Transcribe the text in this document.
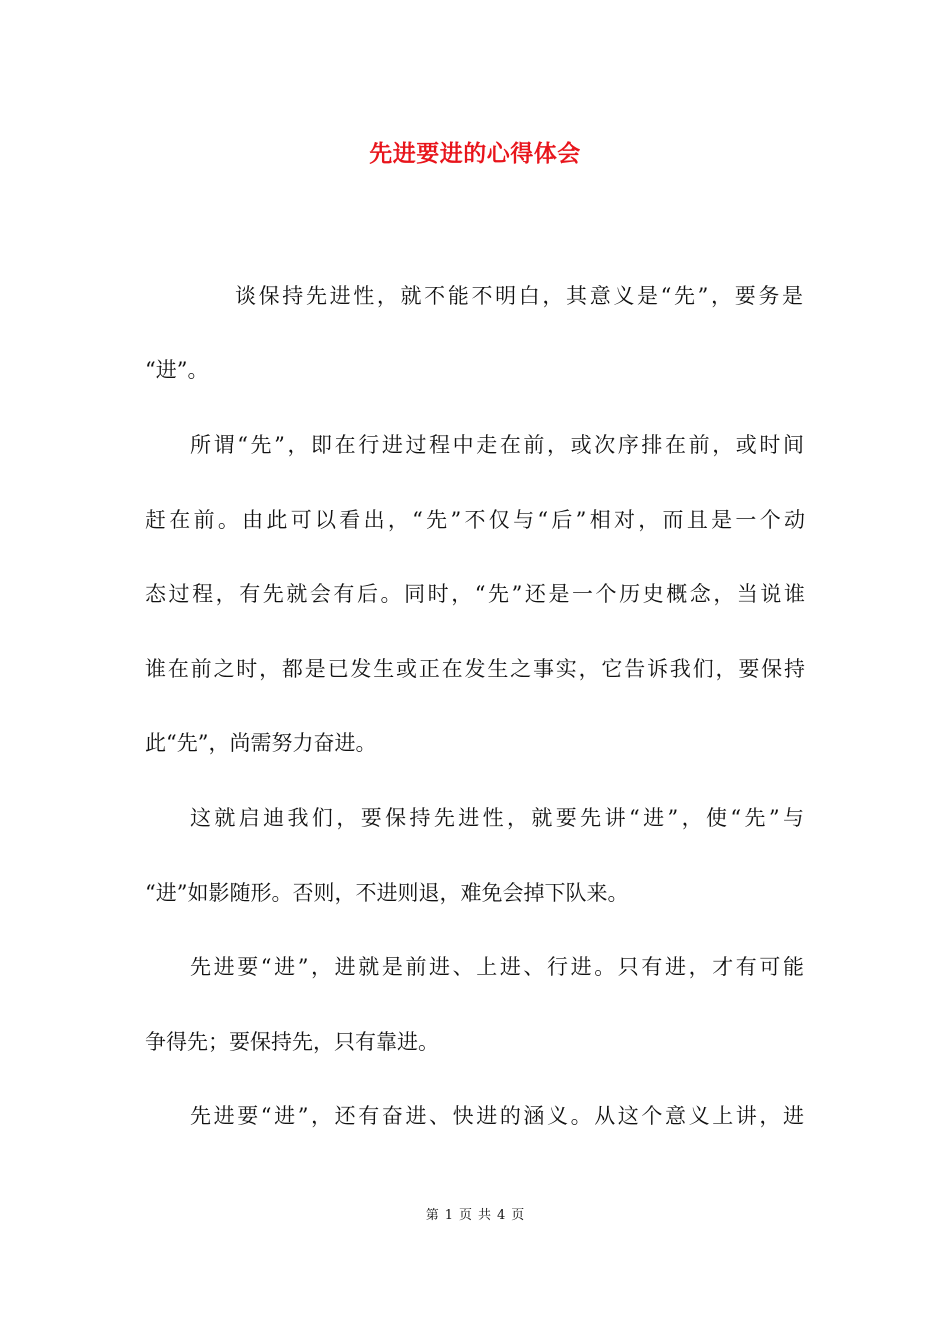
先进要进的心得体会
谈保持先进性，就不能不明白，其意义是“先”，要务是
“进”。
所谓“先”，即在行进过程中走在前，或次序排在前，或时间
赶在前。由此可以看出，“先”不仅与“后”相对，而且是一个动
态过程，有先就会有后。同时，“先”还是一个历史概念，当说谁
谁在前之时，都是已发生或正在发生之事实，它告诉我们，要保持
此“先”，尚需努力奋进。
这就启迪我们，要保持先进性，就要先讲“进”，使“先”与
“进”如影随形。否则，不进则退，难免会掉下队来。
先进要“进”，进就是前进、上进、行进。只有进，才有可能
争得先；要保持先，只有靠进。
先进要“进”，还有奋进、快进的涵义。从这个意义上讲，进
第 1 页 共 4 页
